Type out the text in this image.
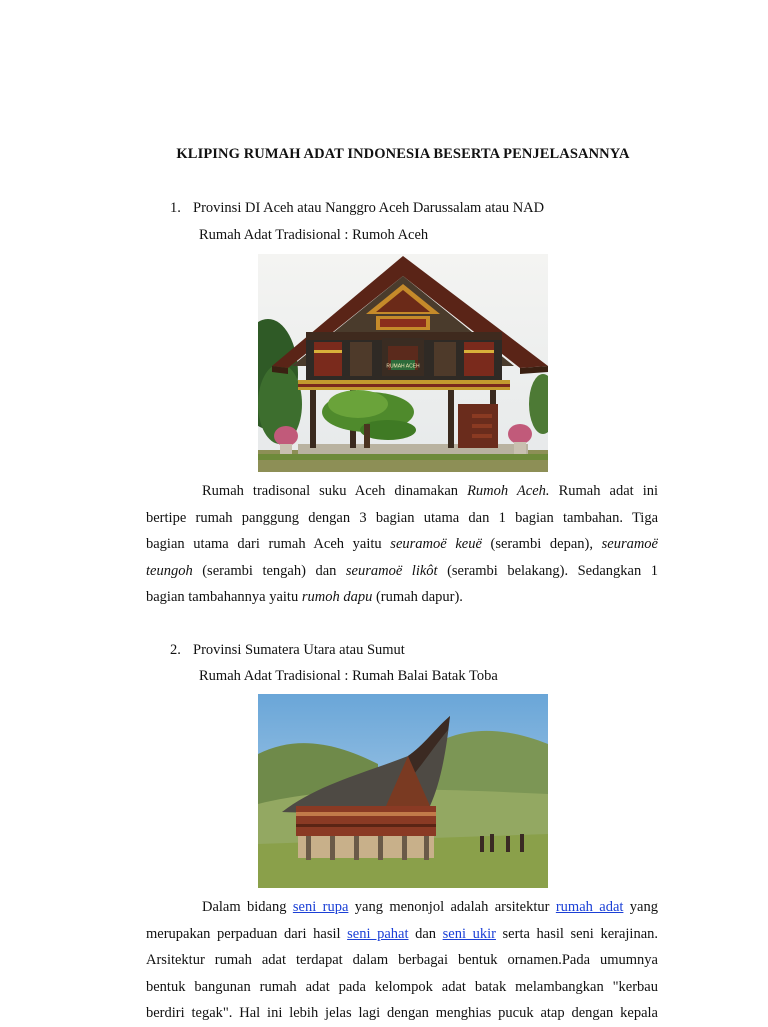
KLIPING RUMAH ADAT INDONESIA BESERTA PENJELASANNYA
1. Provinsi DI Aceh atau Nanggro Aceh Darussalam atau NAD
Rumah Adat Tradisional : Rumoh Aceh
RUMAH ACEH
Rumah tradisonal suku Aceh dinamakan Rumoh Aceh. Rumah adat ini
bertipe rumah panggung dengan 3 bagian utama dan 1 bagian tambahan. Tiga
bagian utama dari rumah Aceh yaitu seuramoë keuë (serambi depan), seuramoë
teungoh (serambi tengah) dan seuramoë likôt (serambi belakang). Sedangkan 1
bagian tambahannya yaitu rumoh dapu (rumah dapur).
2. Provinsi Sumatera Utara atau Sumut
Rumah Adat Tradisional : Rumah Balai Batak Toba
Dalam bidang seni rupa yang menonjol adalah arsitektur rumah adat yang
merupakan perpaduan dari hasil seni pahat dan seni ukir serta hasil seni kerajinan.
Arsitektur rumah adat terdapat dalam berbagai bentuk ornamen.Pada umumnya
bentuk bangunan rumah adat pada kelompok adat batak melambangkan "kerbau
berdiri tegak". Hal ini lebih jelas lagi dengan menghias pucuk atap dengan kepala
